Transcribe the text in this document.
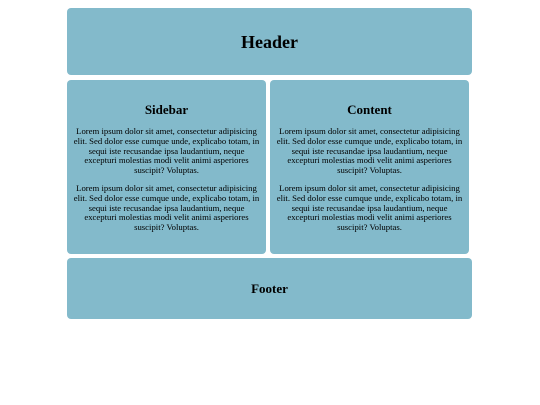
Header
Sidebar

Lorem ipsum dolor sit amet, consectetur adipisicing elit. Sed dolor esse cumque unde, explicabo totam, in sequi iste recusandae ipsa laudantium, neque excepturi molestias modi velit animi asperiores suscipit? Voluptas.

Lorem ipsum dolor sit amet, consectetur adipisicing elit. Sed dolor esse cumque unde, explicabo totam, in sequi iste recusandae ipsa laudantium, neque excepturi molestias modi velit animi asperiores suscipit? Voluptas.

Content

Lorem ipsum dolor sit amet, consectetur adipisicing elit. Sed dolor esse cumque unde, explicabo totam, in sequi iste recusandae ipsa laudantium, neque excepturi molestias modi velit animi asperiores suscipit? Voluptas.

Lorem ipsum dolor sit amet, consectetur adipisicing elit. Sed dolor esse cumque unde, explicabo totam, in sequi iste recusandae ipsa laudantium, neque excepturi molestias modi velit animi asperiores suscipit? Voluptas.

Footer
